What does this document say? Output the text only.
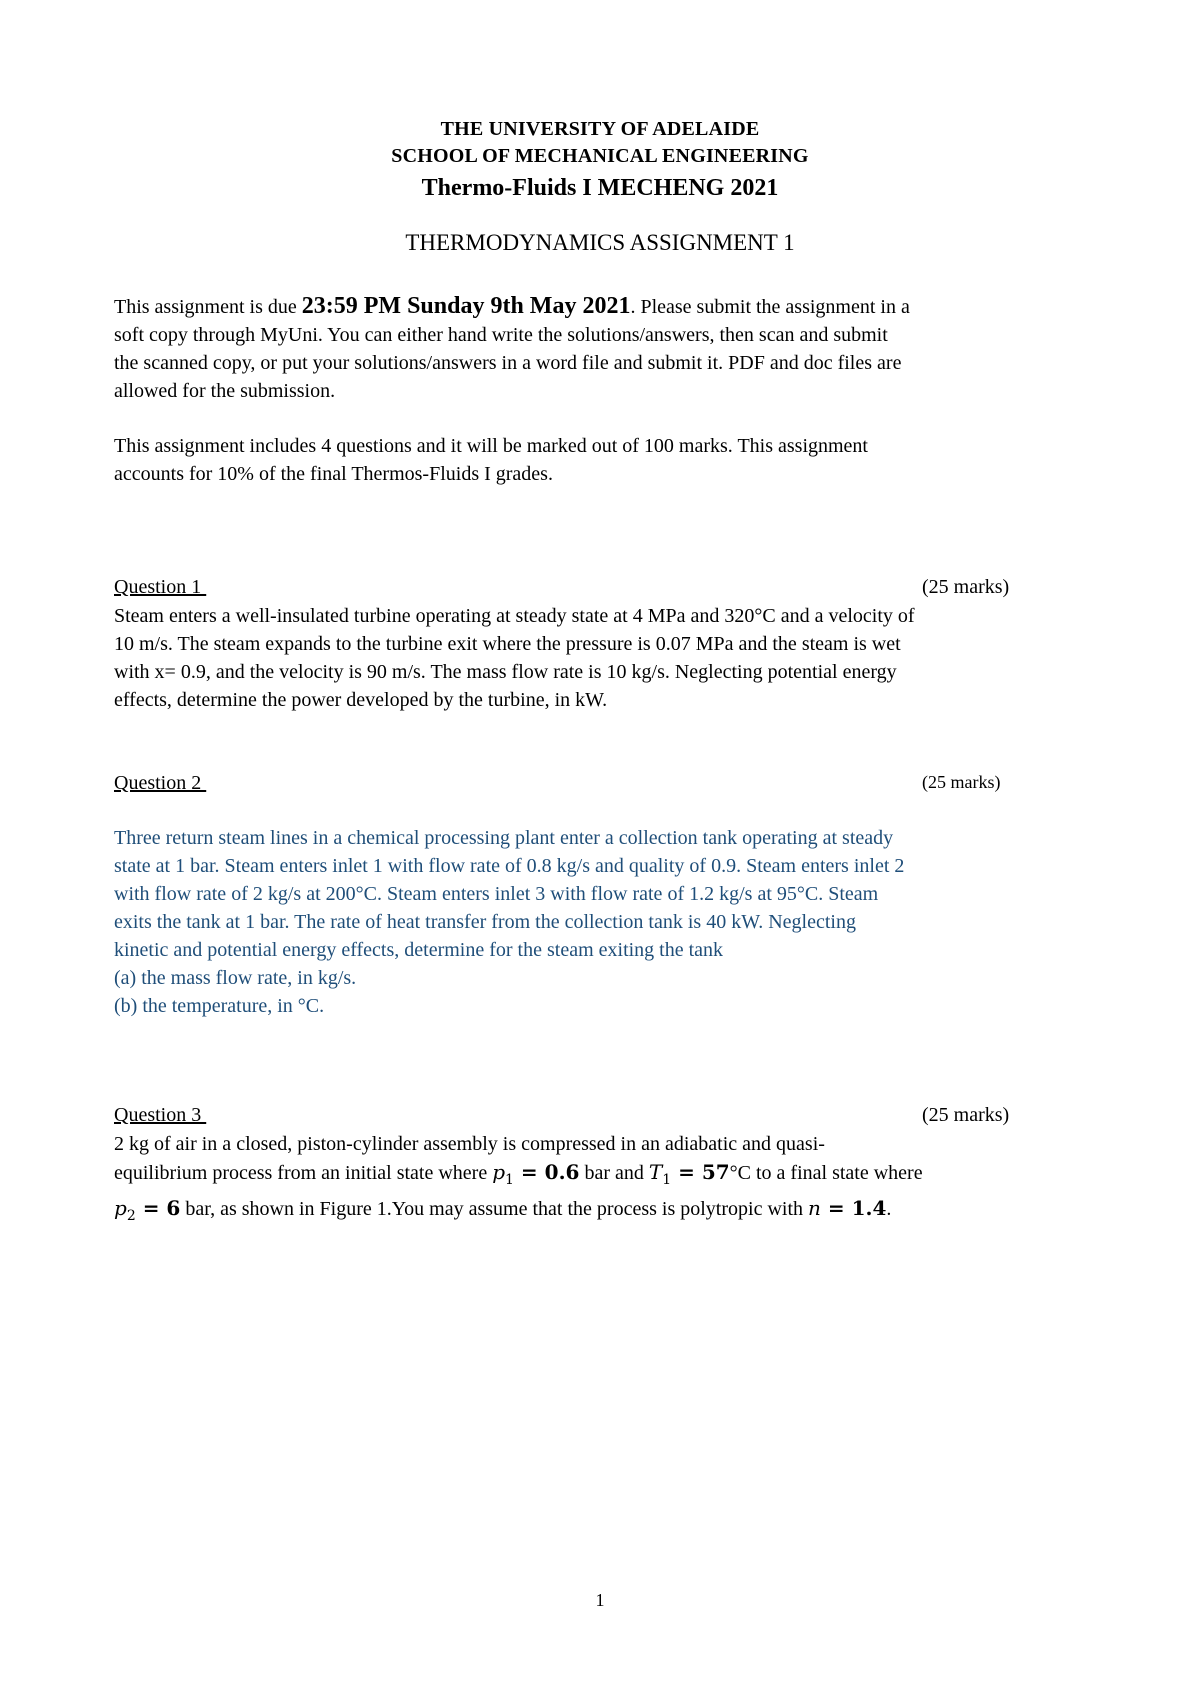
THE UNIVERSITY OF ADELAIDE
SCHOOL OF MECHANICAL ENGINEERING
Thermo-Fluids I MECHENG 2021
THERMODYNAMICS ASSIGNMENT 1
This assignment is due 23:59 PM Sunday 9th May 2021. Please submit the assignment in a
soft copy through MyUni. You can either hand write the solutions/answers, then scan and submit
the scanned copy, or put your solutions/answers in a word file and submit it. PDF and doc files are
allowed for the submission.
This assignment includes 4 questions and it will be marked out of 100 marks. This assignment
accounts for 10% of the final Thermos-Fluids I grades.
Question 1	(25 marks)
Steam enters a well-insulated turbine operating at steady state at 4 MPa and 320°C and a velocity of
10 m/s. The steam expands to the turbine exit where the pressure is 0.07 MPa and the steam is wet
with x= 0.9, and the velocity is 90 m/s. The mass flow rate is 10 kg/s. Neglecting potential energy
effects, determine the power developed by the turbine, in kW.
Question 2	(25 marks)
Three return steam lines in a chemical processing plant enter a collection tank operating at steady
state at 1 bar. Steam enters inlet 1 with flow rate of 0.8 kg/s and quality of 0.9. Steam enters inlet 2
with flow rate of 2 kg/s at 200°C. Steam enters inlet 3 with flow rate of 1.2 kg/s at 95°C. Steam
exits the tank at 1 bar. The rate of heat transfer from the collection tank is 40 kW. Neglecting
kinetic and potential energy effects, determine for the steam exiting the tank
(a) the mass flow rate, in kg/s.
(b) the temperature, in °C.
Question 3	(25 marks)
2 kg of air in a closed, piston-cylinder assembly is compressed in an adiabatic and quasi-
equilibrium process from an initial state where $p_1 = 0.6$ bar and $T_1 = 57^\circ C$ to a final state where
$p_2 = 6$ bar, as shown in Figure 1.You may assume that the process is polytropic with n = 1.4.
1
